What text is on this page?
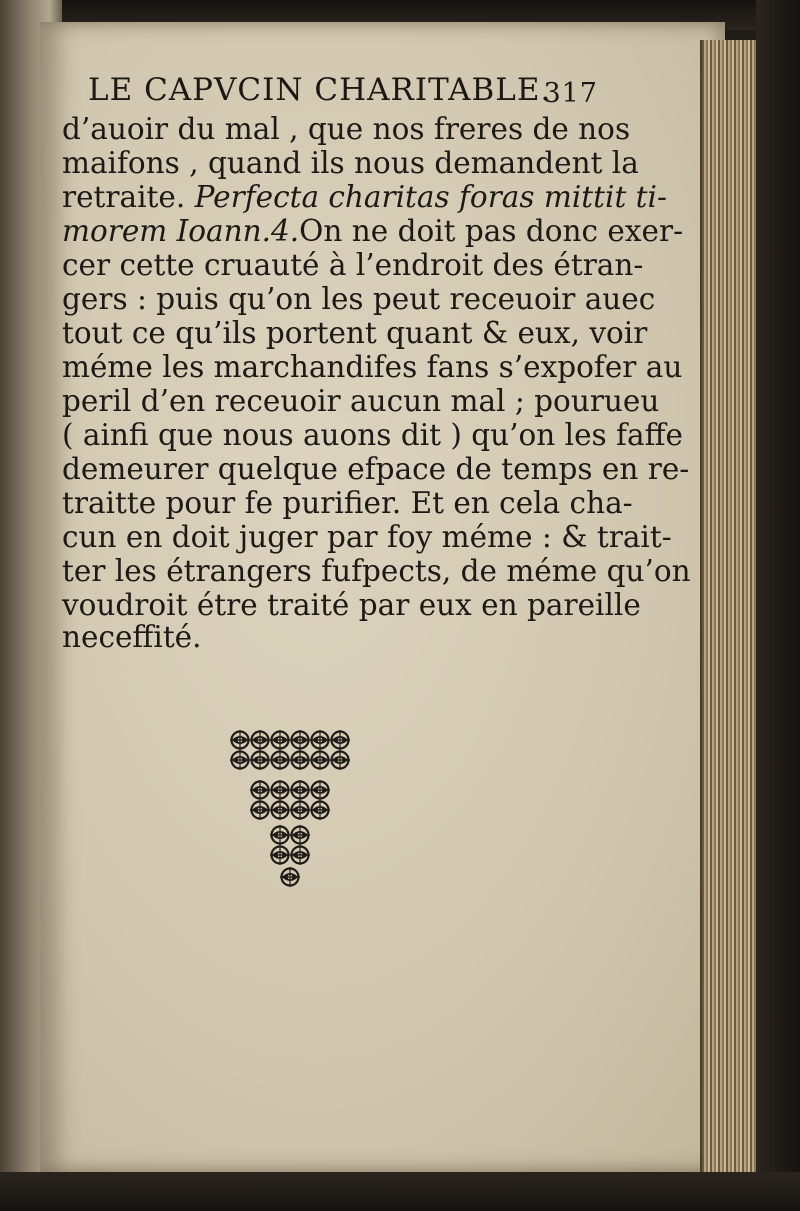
LE CAPVCIN CHARITABLE.
317
d’auoir du mal , que nos freres de nos
maifons , quand ils nous demandent la
retraite. Perfecta charitas foras mittit ti-
morem Ioann.4.On ne doit pas donc exer-
cer cette cruauté à l’endroit des étran-
gers : puis qu’on les peut receuoir auec
tout ce qu’ils portent quant & eux, voir
méme les marchandifes fans s’expofer au
peril d’en receuoir aucun mal ; pourueu
( ainfi que nous auons dit ) qu’on les faffe
demeurer quelque efpace de temps en re-
traitte pour fe purifier. Et en cela cha-
cun en doit juger par foy méme : & trait-
ter les étrangers fufpects, de méme qu’on
voudroit étre traité par eux en pareille
neceffité.
